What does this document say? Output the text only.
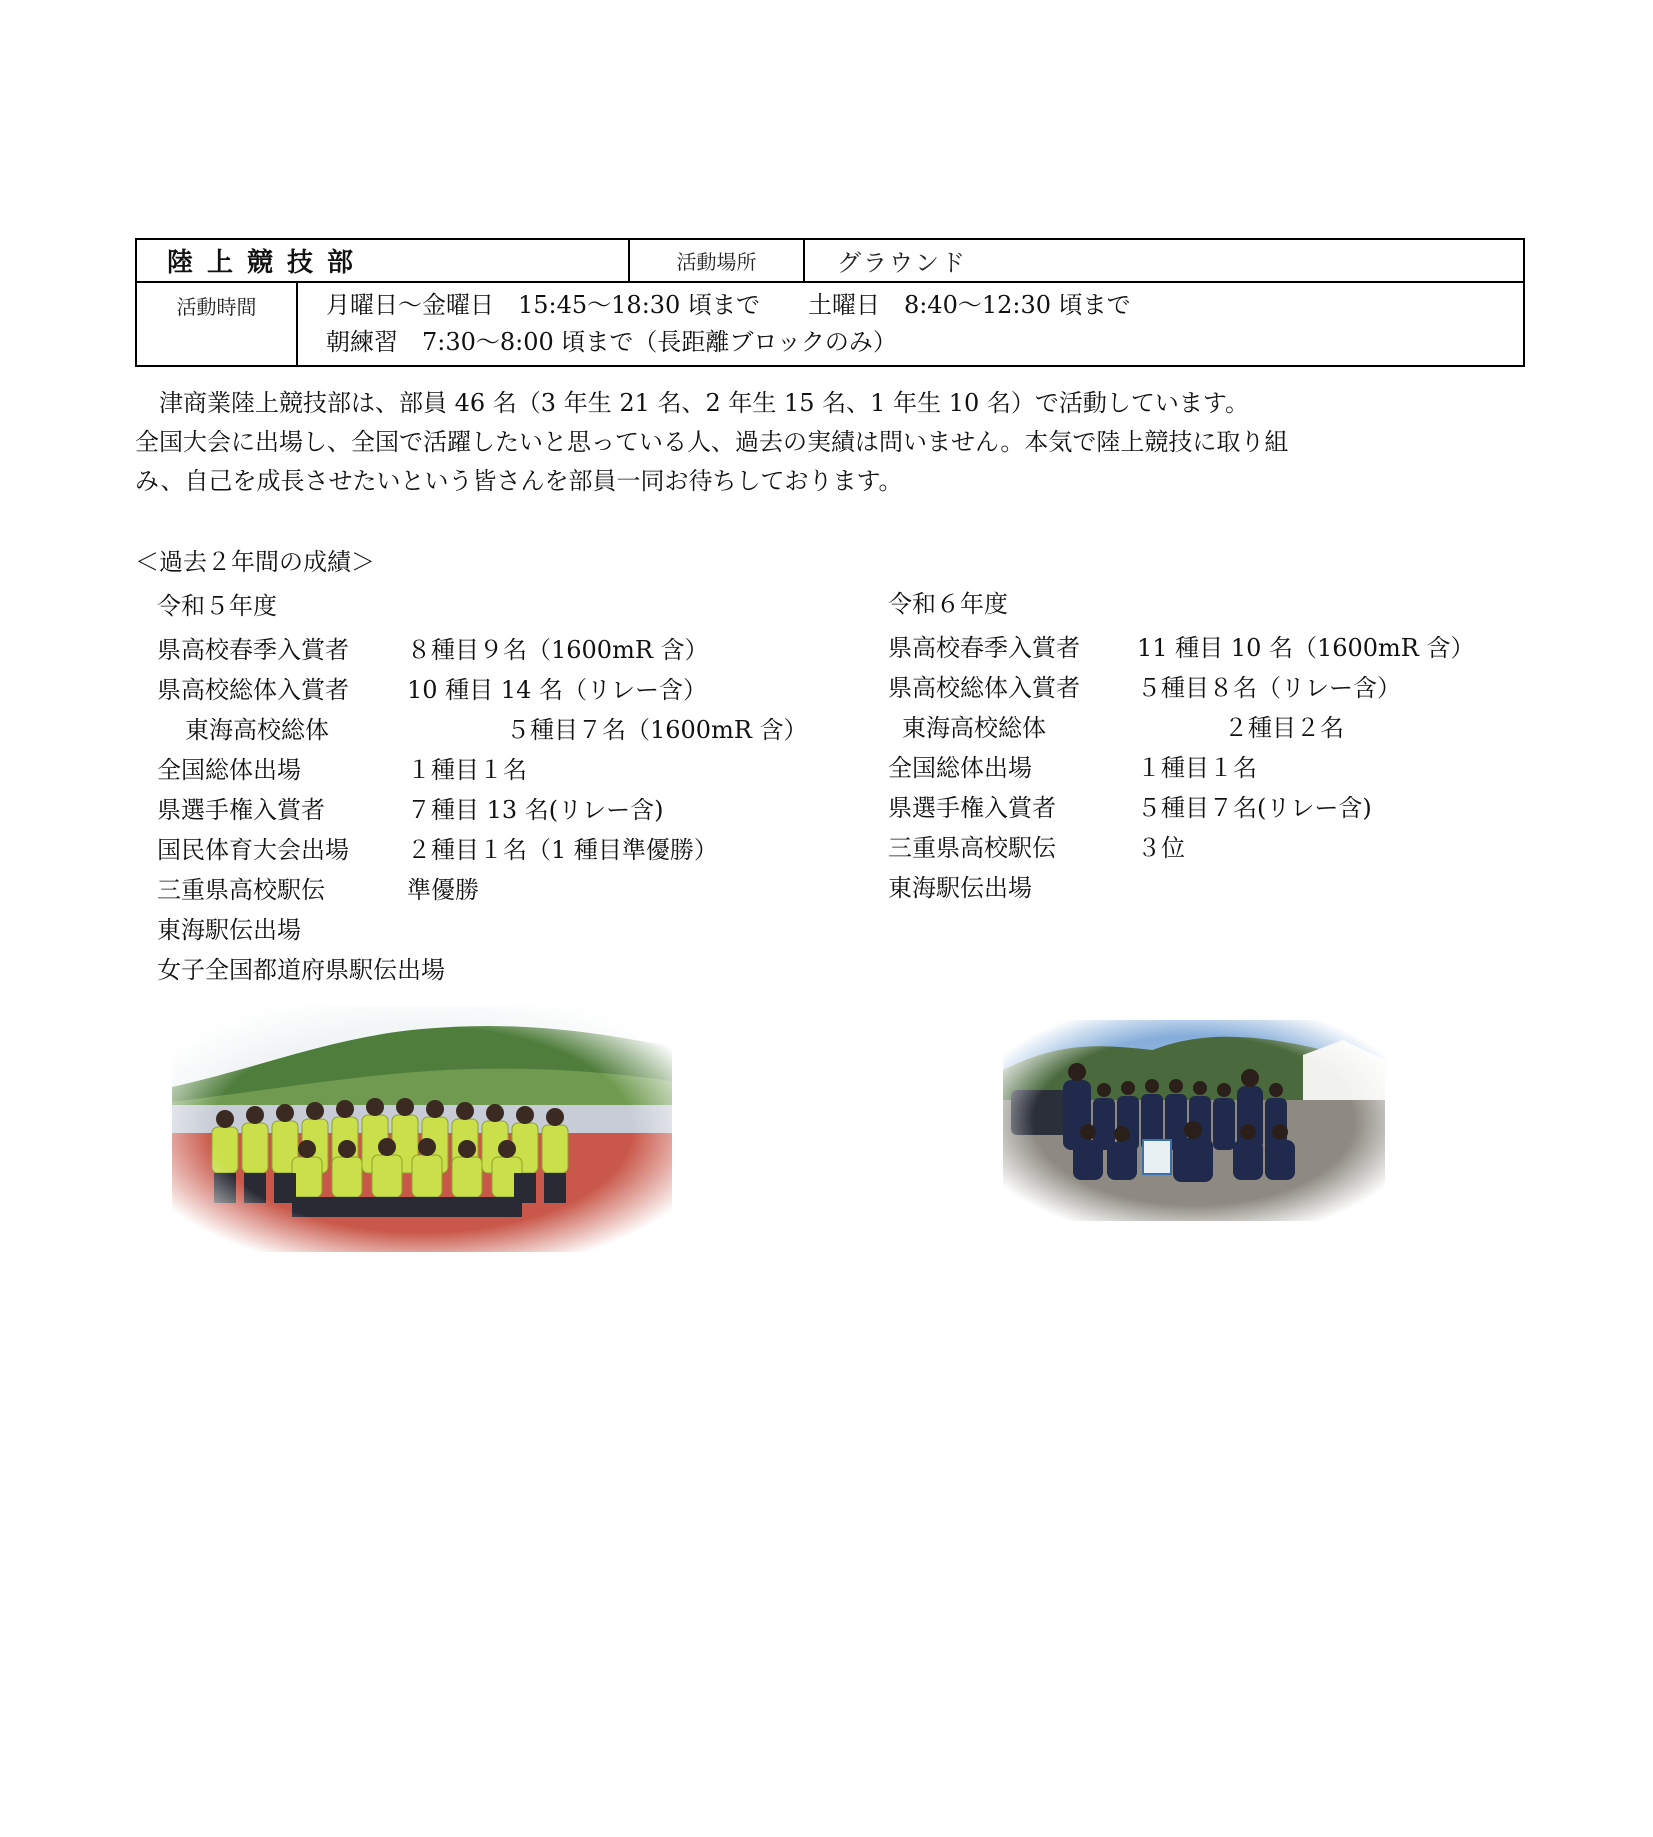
陸上競技部		活動場所	グラウンド
活動時間	月曜日～金曜日　15:45～18:30 頃まで　　土曜日　8:40～12:30 頃まで
朝練習　7:30～8:00 頃まで（長距離ブロックのみ）		
　津商業陸上競技部は、部員 46 名（3 年生 21 名、2 年生 15 名、1 年生 10 名）で活動しています。
全国大会に出場し、全国で活躍したいと思っている人、過去の実績は問いません。本気で陸上競技に取り組
み、自己を成長させたいという皆さんを部員一同お待ちしております。
＜過去２年間の成績＞
令和５年度
県高校春季入賞者 ８種目９名（1600mR 含）
県高校総体入賞者 10 種目 14 名（リレー含）
東海高校総体	５種目７名（1600mR 含）
全国総体出場	１種目１名
県選手権入賞者	７種目 13 名(リレー含)
国民体育大会出場 ２種目１名（1 種目準優勝）
三重県高校駅伝	準優勝
東海駅伝出場
女子全国都道府県駅伝出場
令和６年度
県高校春季入賞者 11 種目 10 名（1600mR 含）
県高校総体入賞者 ５種目８名（リレー含）
東海高校総体	２種目２名
全国総体出場	１種目１名
県選手権入賞者	５種目７名(リレー含)
三重県高校駅伝	３位
東海駅伝出場
